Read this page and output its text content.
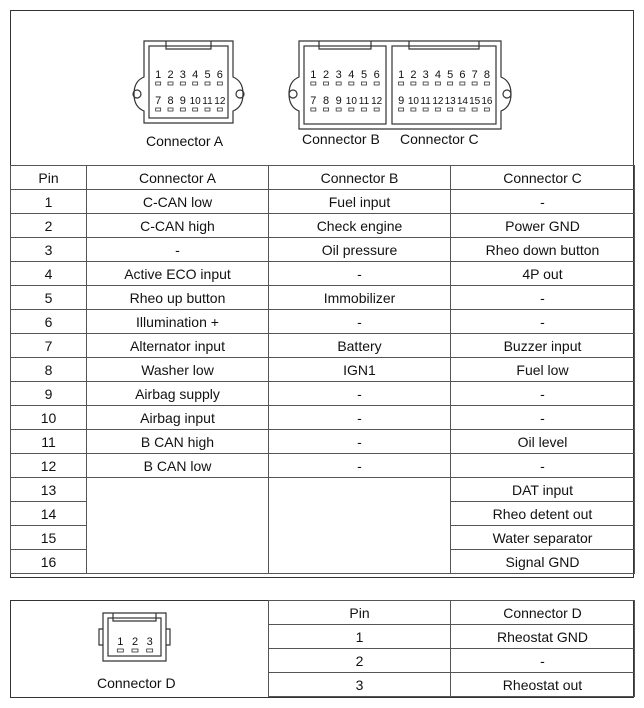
1 2 3 4 5 6
7 8 9 10 11 12
1 2 3 4 5 6
7 8 9 10 11 12
1 2 3 4 5 6 7 8
9 10 11 12 13 14 15 16
Connector A	Connector B Connector C
Pin	Connector A	Connector B	Connector C
1	C-CAN low	Fuel input	-
2	C-CAN high	Check engine	Power GND
3	-	Oil pressure	Rheo down button
4	Active ECO input	-	4P out
5	Rheo up button	Immobilizer	-
6	Illumination +	-	-
7	Alternator input	Battery	Buzzer input
8	Washer low	IGN1	Fuel low
9	Airbag supply	-	-
10	Airbag input	-	-
11	B CAN high	-	Oil level
12	B CAN low	-	-
13			DAT input
14			Rheo detent out
15			Water separator
16			Signal GND
1 2 3
Connector D
Pin	Connector D
1	Rheostat GND
2	-
3	Rheostat out
